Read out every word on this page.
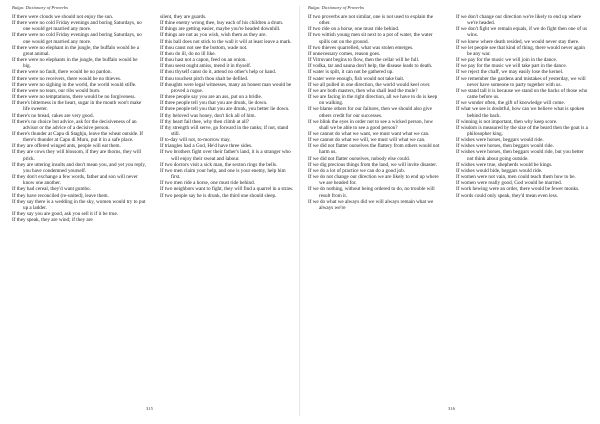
Bulgu: Dictionary of Proverbs

If there were clouds we should not enjoy the sun.

If there were no cold Friday evenings and boring Saturdays, no one would get married any more.

If there were no cold Friday evenings and boring Saturdays, no one would get married any more.

If there were no elephant in the jungle, the buffalo would be a great animal.

If there were no elephants in the jungle, the buffalo would be big.

If there were no fault, there would be no pardon.

If there were no receivers, there would be no thieves.

If there were no sighing in the world, the world would stifle.

If there were no tears, our ribs would burn.

If there were no temptations, there would be no forgiveness.

If there's bitterness in the heart, sugar in the mouth won't make life sweeter.

If there's no bread, cakes are very good.

If there's no choice but advice, ask for the decisiveness of an advisor or the advice of a decisive person.

If there's thunder at Capu di Staghju, leave the wheat outside. If there's thunder at Capu di Muru, put it in a safe place.

If they are offered winged ants, people will eat them.

If they are cows they will blossom, if they are thorns, they will prick.

If they are uttering insults and don't mean you, and yet you reply, you have condemned yourself.

If they don't exchange a few words, father and son will never know one another.

If they had cereal, they'd want gumbo.

If they have reconciled (re-united), leave them.

If they say there is a wedding in the sky, women would try to put up a ladder.

If they say you are good, ask you sell it if it be true.

If they speak, they are wind; if they are

silent, they are guards.

If thine enemy wrong thee, buy each of his children a drum.

If things are getting easier, maybe you're headed downhill.

If things are not as you wish, wish them as they are.

If this ball does not stick to the wall it will at least leave a mark.

If thou canst not see the bottom, wade not.

If thou do ill, do no ill like.

If thou hast not a capon, feed on an onion.

If thou seest ought amiss, mend it in thyself.

If thou thyself canst do it, attend no other's help or hand.

If thou touchest pitch thou shalt be defiled.

If thoughts were legal witnesses, many an honest man would be proved a rogue.

If three people say you are an ass, put on a bridle.

If three people tell you that you are drunk, lie down.

If three people tell you that you are drunk, you better lie down.

If thy beloved was honey, don't lick all of him.

If thy heart fail thee, why then climb at all?

If thy strength will serve, go forward in the ranks; if not, stand still.

If to-day will not, to-morrow may.

If triangles had a God, He'd have three sides.

If two brothers fight over their father's land, it is a stranger who will enjoy their sweat and labour.

If two doctors visit a sick man, the sexton rings the bells.

If two men claim your help, and one is your enemy, help him first.

If two men ride a horse, one must ride behind.

If two neighbors want to fight, they will find a quarrel in a straw.

If two people say he is drunk, the third one should sleep.

315
Bulgu: Dictionary of Proverbs

If two proverbs are not similar, one is not used to explain the other.

If two ride on a horse, one must ride behind.

If two wittish young men sit next to a pot of water, the water spills out on the ground.

If two thieves quarrelled, what was stolen emerges.

If unnecessary comes, reason goes.

If Vitruvant begins to flow, then the cellar will be full.

If vodka, tar and sauna don't help, the disease leads to death.

If water is spilt, it can not be gathered up.

If water were enough, fish would not take bait.

If we all pulled in one direction, the world would keel over.

If we are both masters, then who shall lead the mule?

If we are facing in the right direction, all we have to do is keep on walking.

If we blame others for our failures, then we should also give others credit for our successes.

If we blink the eyes in order not to see a wicked person, how shall we be able to see a good person?

If we cannot do what we want, we must want what we can.

If we cannot do what we will, we must will what we can.

If we did not flatter ourselves the flattery from others would not harm us.

If we did not flatter ourselves, nobody else could.

If we dig precious things from the land, we will invite disaster.

If we do a lot of practice we can do a good job.

If we do not change our direction we are likely to end up where we are headed for.

If we do nothing, without being ordered to do, no trouble will result from it.

If we do what we always did we will always remain what we always we're

If we don't change our direction we're likely to end up where we're headed.

If we don't fight we remain equals, if we do fight then one of us wins.

If we knew where death resided, we would never stay there.

If we let people see that kind of thing, there would never again be any war.

If we pay for the music we will join in the dance.

If we pay for the music we will take part in the dance.

If we reject the chaff, we may easily lose the kernel.

If we remember the gardens and mistakes of yesterday, we will never have someone to party together with us.

If we stand tall it is because we stand on the backs of those who came before us.

If we wonder often, the gift of knowledge will come.

If what we see is doubtful, how can we believe what is spoken behind the back.

If winning is not important, then why keep score.

If wisdom is measured by the size of the beard then the goat is a philosopher king.

If wishes were horses, beggars would ride.

If wishes were horses, then beggars would ride.

If wishes were horses, then beggars would ride, but you better not think about going outside.

If wishes were true, shepherds would be kings.

If wishes would bide, beggars would ride.

If women were not vain, men could teach them how to be.

If women were really good, God would be married.

If work hewing were an order, there would be fewer monks.

If words could only speak, they'd mean even less.

316
